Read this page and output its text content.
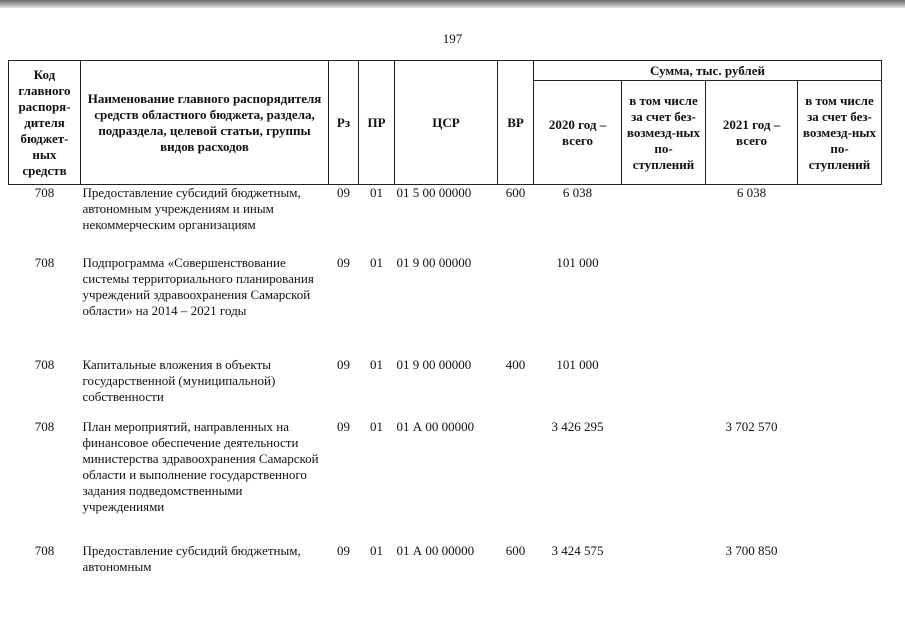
197
Код главного распоря-дителя бюджет-ных средств	Наименование главного распорядителя средств областного бюджета, раздела, подраздела, целевой статьи, группы видов расходов	Рз	ПР	ЦСР	ВР	Сумма, тыс. рублей			
						2020 год – всего	в том числе за счет без-возмезд-ных по-ступлений	2021 год – всего	в том числе за счет без-возмезд-ных по-ступлений
708	Предоставление субсидий бюджетным, автономным учреждениям и иным некоммерческим организациям	09	01	01 5 00 00000	600	6 038		6 038	
708	Подпрограмма «Совершенствование системы территориального планирования учреждений здравоохранения Самарской области» на 2014 – 2021 годы	09	01	01 9 00 00000		101 000			
708	Капитальные вложения в объекты государственной (муниципальной) собственности	09	01	01 9 00 00000	400	101 000			
708	План мероприятий, направленных на финансовое обеспечение деятельности министерства здравоохранения Самарской области и выполнение государственного задания подведомственными учреждениями	09	01	01 А 00 00000		3 426 295		3 702 570	
708	Предоставление субсидий бюджетным, автономным	09	01	01 А 00 00000	600	3 424 575		3 700 850	
